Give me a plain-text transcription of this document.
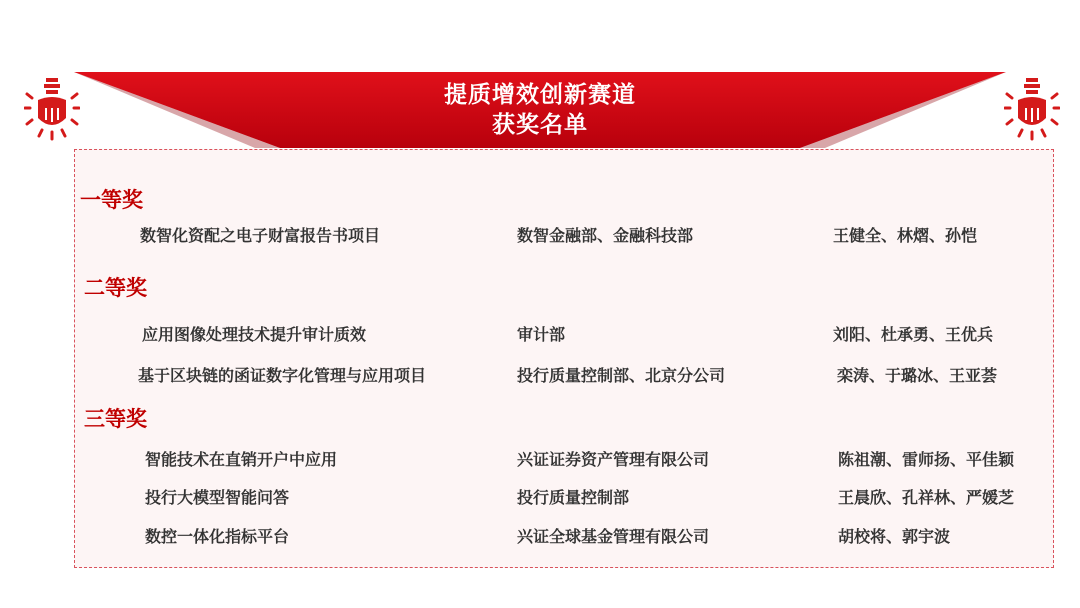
提质增效创新赛道
获奖名单
一等奖
数智化资配之电子财富报告书项目	数智金融部、金融科技部	王健全、林熠、孙恺
二等奖
应用图像处理技术提升审计质效	审计部	刘阳、杜承勇、王优兵
基于区块链的函证数字化管理与应用项目	投行质量控制部、北京分公司	栾涛、于璐冰、王亚荟
三等奖
智能技术在直销开户中应用	兴证证券资产管理有限公司	陈祖潮、雷师扬、平佳颖
投行大模型智能问答	投行质量控制部	王晨欣、孔祥林、严媛芝
数控一体化指标平台	兴证全球基金管理有限公司	胡校将、郭宇波
